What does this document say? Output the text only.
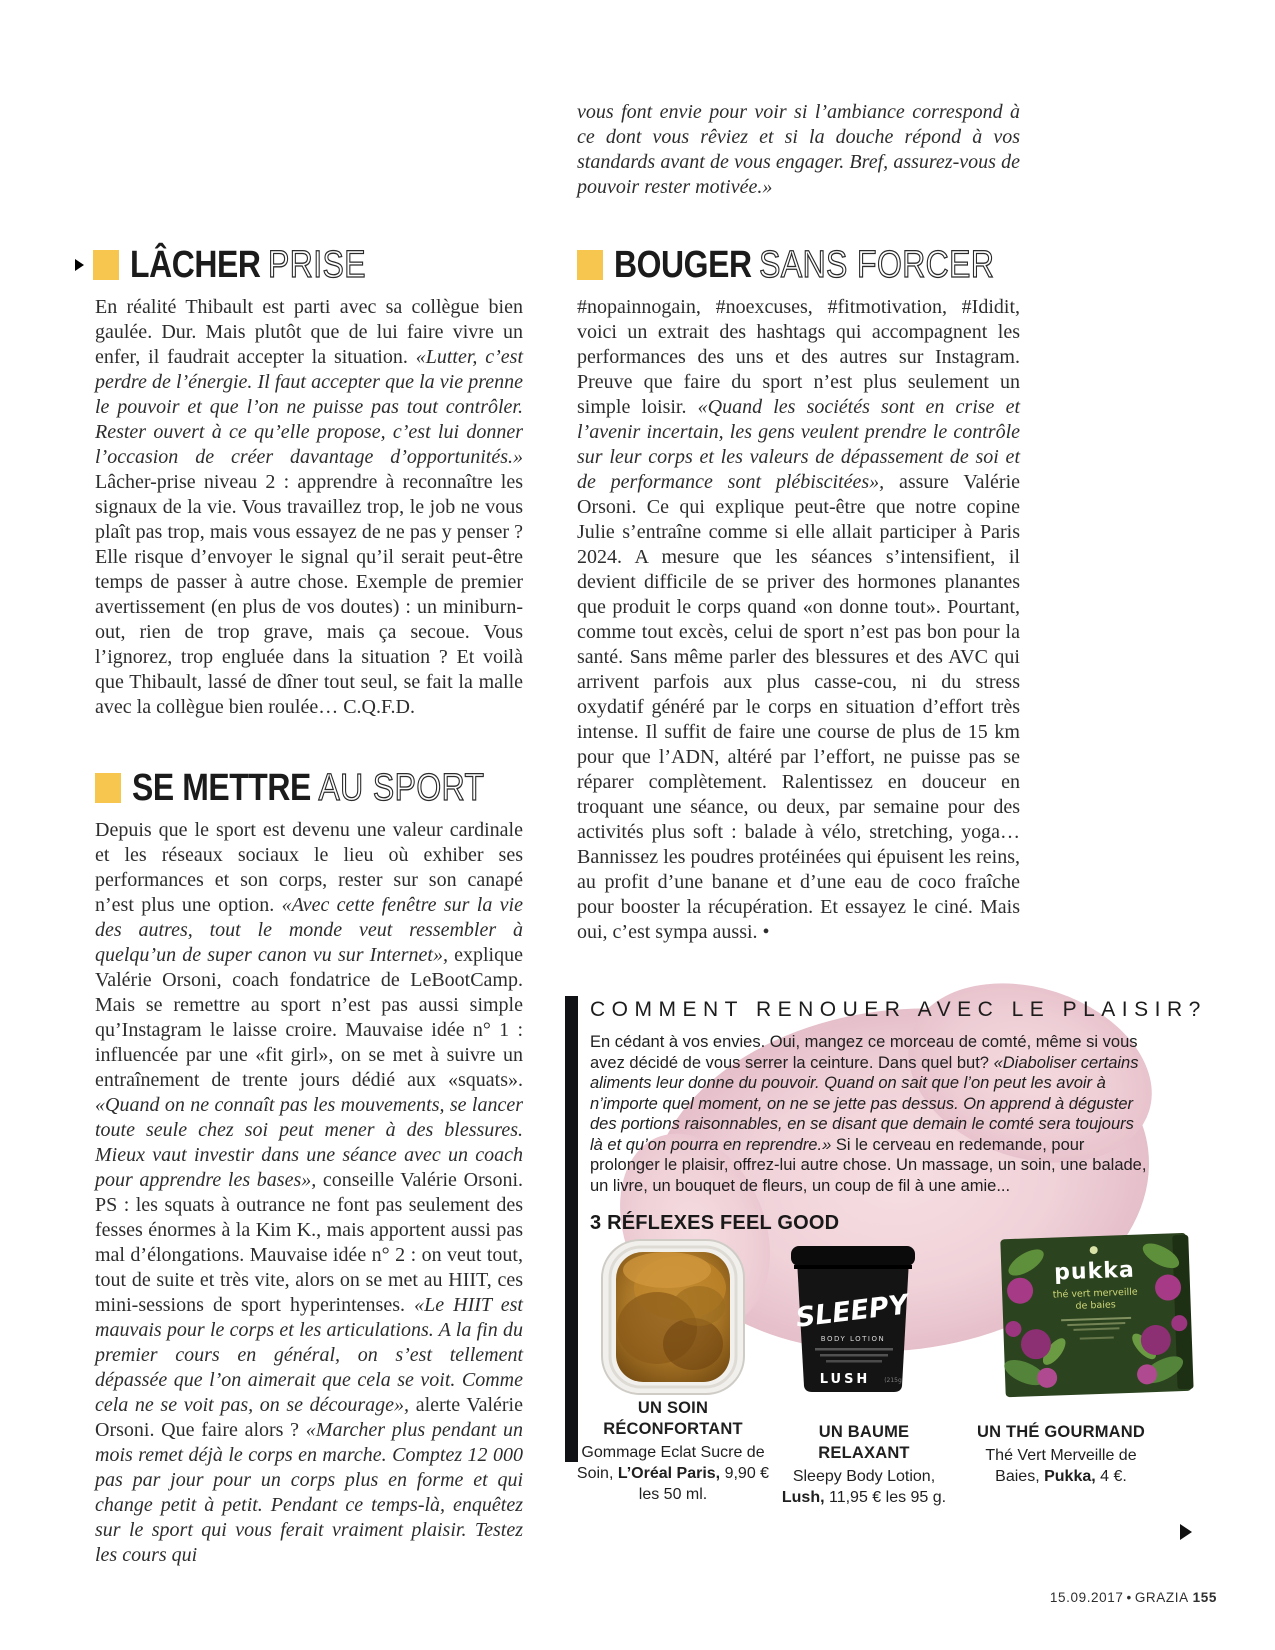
vous font envie pour voir si l’ambiance correspond à ce dont vous rêviez et si la douche répond à vos standards avant de vous engager. Bref, assurez-vous de pouvoir rester motivée.»

LÂCHER PRISE

En réalité Thibault est parti avec sa collègue bien gaulée. Dur. Mais plutôt que de lui faire vivre un enfer, il faudrait accepter la situation. «Lutter, c’est perdre de l’énergie. Il faut accepter que la vie prenne le pouvoir et que l’on ne puisse pas tout contrôler. Rester ouvert à ce qu’elle propose, c’est lui donner l’occasion de créer davantage d’opportunités.» Lâcher-prise niveau 2 : apprendre à reconnaître les signaux de la vie. Vous travaillez trop, le job ne vous plaît pas trop, mais vous essayez de ne pas y penser ? Elle risque d’envoyer le signal qu’il serait peut-être temps de passer à autre chose. Exemple de premier avertissement (en plus de vos doutes) : un miniburn-out, rien de trop grave, mais ça secoue. Vous l’ignorez, trop engluée dans la situation ? Et voilà que Thibault, lassé de dîner tout seul, se fait la malle avec la collègue bien roulée… C.Q.F.D.

SE METTRE AU SPORT

Depuis que le sport est devenu une valeur cardinale et les réseaux sociaux le lieu où exhiber ses performances et son corps, rester sur son canapé n’est plus une option. «Avec cette fenêtre sur la vie des autres, tout le monde veut ressembler à quelqu’un de super canon vu sur Internet», explique Valérie Orsoni, coach fondatrice de LeBootCamp. Mais se remettre au sport n’est pas aussi simple qu’Instagram le laisse croire. Mauvaise idée n° 1 : influencée par une «fit girl», on se met à suivre un entraînement de trente jours dédié aux «squats». «Quand on ne connaît pas les mouvements, se lancer toute seule chez soi peut mener à des blessures. Mieux vaut investir dans une séance avec un coach pour apprendre les bases», conseille Valérie Orsoni. PS : les squats à outrance ne font pas seulement des fesses énormes à la Kim K., mais apportent aussi pas mal d’élongations. Mauvaise idée n° 2 : on veut tout, tout de suite et très vite, alors on se met au HIIT, ces mini-sessions de sport hyperintenses. «Le HIIT est mauvais pour le corps et les articulations. A la fin du premier cours en général, on s’est tellement dépassée que l’on aimerait que cela se voit. Comme cela ne se voit pas, on se décourage», alerte Valérie Orsoni. Que faire alors ? «Marcher plus pendant un mois remet déjà le corps en marche. Comptez 12 000 pas par jour pour un corps plus en forme et qui change petit à petit. Pendant ce temps-là, enquêtez sur le sport qui vous ferait vraiment plaisir. Testez les cours qui

BOUGER SANS FORCER

#nopainnogain, #noexcuses, #fitmotivation, #Ididit, voici un extrait des hashtags qui accompagnent les performances des uns et des autres sur Instagram. Preuve que faire du sport n’est plus seulement un simple loisir. «Quand les sociétés sont en crise et l’avenir incertain, les gens veulent prendre le contrôle sur leur corps et les valeurs de dépassement de soi et de performance sont plébiscitées», assure Valérie Orsoni. Ce qui explique peut-être que notre copine Julie s’entraîne comme si elle allait participer à Paris 2024. A mesure que les séances s’intensifient, il devient difficile de se priver des hormones planantes que produit le corps quand «on donne tout». Pourtant, comme tout excès, celui de sport n’est pas bon pour la santé. Sans même parler des blessures et des AVC qui arrivent parfois aux plus casse-cou, ni du stress oxydatif généré par le corps en situation d’effort très intense. Il suffit de faire une course de plus de 15 km pour que l’ADN, altéré par l’effort, ne puisse pas se réparer complètement. Ralentissez en douceur en troquant une séance, ou deux, par semaine pour des activités plus soft : balade à vélo, stretching, yoga… Bannissez les poudres protéinées qui épuisent les reins, au profit d’une banane et d’une eau de coco fraîche pour booster la récupération. Et essayez le ciné. Mais oui, c’est sympa aussi. •

COMMENT RENOUER AVEC LE PLAISIR?
En cédant à vos envies. Oui, mangez ce morceau de comté, même si vous avez décidé de vous serrer la ceinture. Dans quel but? «Diaboliser certains aliments leur donne du pouvoir. Quand on sait que l’on peut les avoir à n’importe quel moment, on ne se jette pas dessus. On apprend à déguster des portions raisonnables, en se disant que demain le comté sera toujours là et qu’on pourra en reprendre.» Si le cerveau en redemande, pour prolonger le plaisir, offrez-lui autre chose. Un massage, un soin, une balade, un livre, un bouquet de fleurs, un coup de fil à une amie...
3 RÉFLEXES FEEL GOOD
UN SOIN RÉCONFORTANT
Gommage Eclat Sucre de Soin, L’Oréal Paris, 9,90 € les 50 ml.
SLEEPY
BODY LOTION
LUSH (215g
UN BAUME RELAXANT
Sleepy Body Lotion, Lush, 11,95 € les 95 g.
pukka
thé vert merveille
de baies
UN THÉ GOURMAND
Thé Vert Merveille de Baies, Pukka, 4 €.
15.09.2017 • GRAZIA 155
